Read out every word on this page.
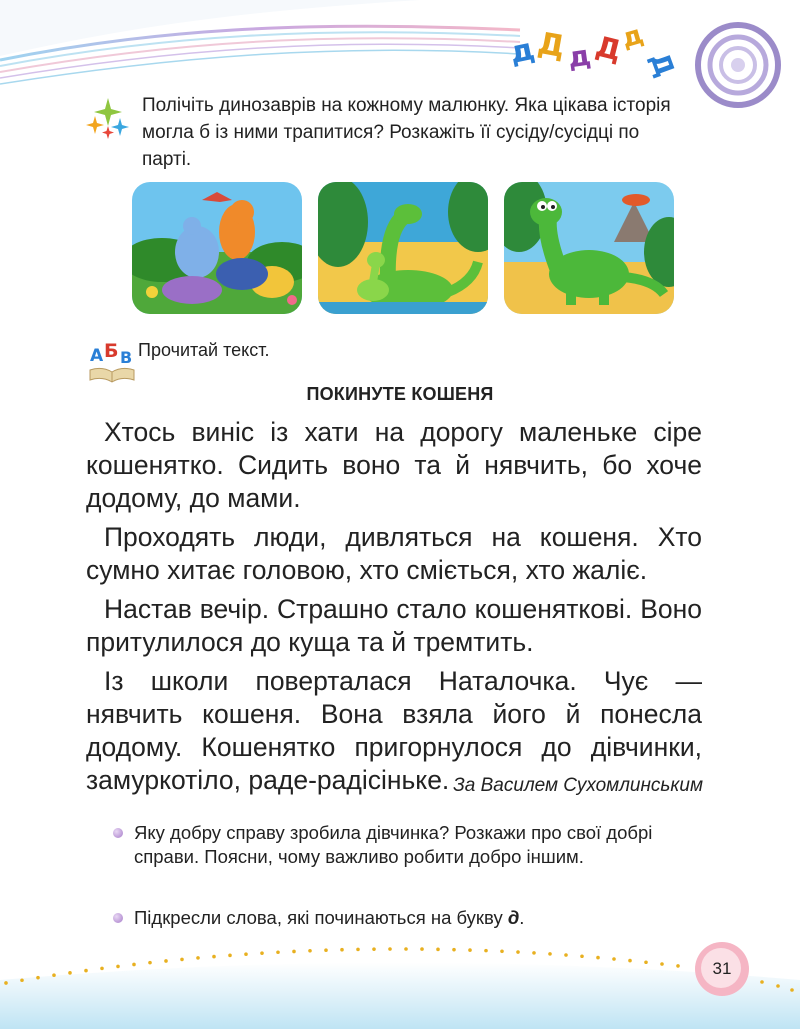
д
Д
д Д
д
Д
Полічіть динозаврів на кожному малюнку. Яка цікава історія могла б із ними трапитися? Розкажіть її сусіду/сусідці по парті.
А Б В Прочитай текст.
ПОКИНУТЕ КОШЕНЯ

Хтось виніс із хати на дорогу маленьке сіре кошенятко. Сидить воно та й нявчить, бо хоче додому, до мами.

Проходять люди, дивляться на кошеня. Хто сумно хитає головою, хто сміється, хто жаліє.

Настав вечір. Страшно стало кошеняткові. Воно притулилося до куща та й тремтить.

Із школи поверталася Наталочка. Чує — нявчить кошеня. Вона взяла його й понесла додому. Кошенятко пригорнулося до дівчинки, замуркотіло, раде-радісіньке. За Василем Сухомлинським
Яку добру справу зробила дівчинка? Розкажи про свої добрі справи. Поясни, чому важливо робити добро іншим.
Підкресли слова, які починаються на букву д.
31
